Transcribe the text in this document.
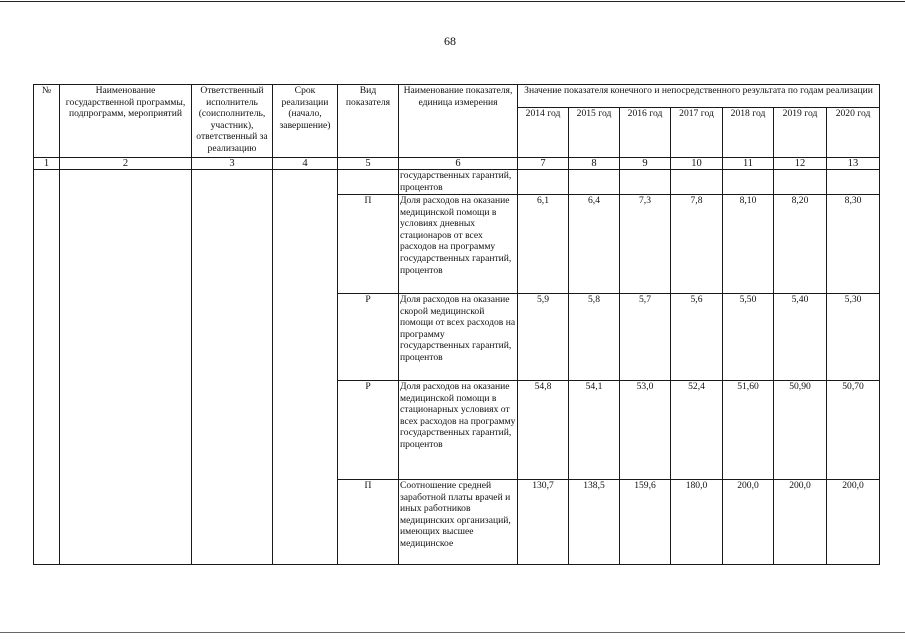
68
№	Наименование государственной программы, подпрограмм, мероприятий	Ответственный исполнитель (соисполнитель, участник), ответственный за реализацию	Срок реализации (начало, завершение)	Вид показателя	Наименование показателя, единица измерения	Значение показателя конечного и непосредственного результата по годам реализации						
						2014 год	2015 год	2016 год	2017 год	2018 год	2019 год	2020 год
1	2	3	4	5	6	7	8	9	10	11	12	13
					государственных гарантий, процентов							
				П	Доля расходов на оказание медицинской помощи в условиях дневных стационаров от всех расходов на программу государственных гарантий, процентов	6,1	6,4	7,3	7,8	8,10	8,20	8,30
				Р	Доля расходов на оказание скорой медицинской помощи от всех расходов на программу государственных гарантий, процентов	5,9	5,8	5,7	5,6	5,50	5,40	5,30
				Р	Доля расходов на оказание медицинской помощи в стационарных условиях от всех расходов на программу государственных гарантий, процентов	54,8	54,1	53,0	52,4	51,60	50,90	50,70
				П	Соотношение средней заработной платы врачей и иных работников медицинских организаций, имеющих высшее медицинское	130,7	138,5	159,6	180,0	200,0	200,0	200,0
